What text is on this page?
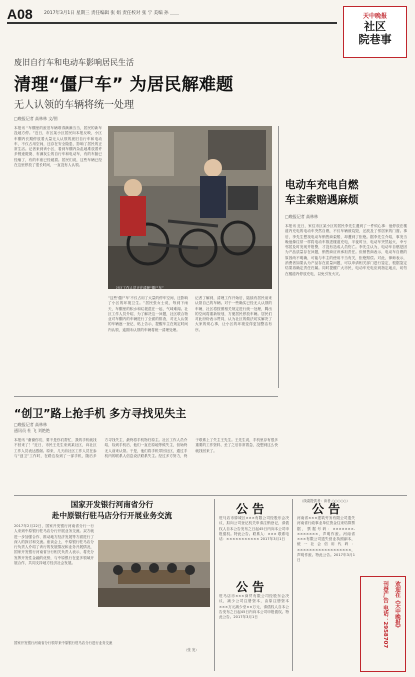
A08	2017年3月1日 星期三 责任编辑 张 娟 责任校对 张 宁 美编 孙 ＿＿	天中晚报
社区
院巷事
废旧自行车和电动车影响居民生活
清理“僵尸车” 为居民解难题
无人认领的车辆将统一处理
□晚报记者 高林林 文/图
本报讯 “车棚里的废旧车辆堆得满满当当，居民的新车没地方停。”近日，市区某小区居民向本报反映，小区车棚内长期停放着大量无人认领的废旧自行车和电动车，不仅占用空间，还存在安全隐患，影响了居民的正常生活。记者来到该小区，看到车棚内杂乱地堆放着许多锈迹斑斑、布满灰尘的自行车和电动车，有的车胎已经瘪了，有的车座已经破损。居民们说，这些车辆已经在这里停放了很长时间，一直没有人认领。
“这些‘僵尸车’不仅占用了大量的停车空间，还影响了小区的环境卫生。”居民张女士说，每到下雨天，车棚里的积水和垃圾混在一起，气味难闻。社区工作人员介绍，为了解决这一问题，社区联合物业对车棚内的车辆进行了全面的排查，对无人认领的车辆逐一登记、贴上告示，提醒车主在规定时间内认领，逾期未认领的车辆将统一清理处理。
记者了解到，清理工作开始后，陆续有居民前来认领自己的车辆。对于一些确实已经无人认领的车辆，社区将按照相关规定进行统一处理，腾出的空间将重新规划，方便居民停放车辆。居民们对此纷纷表示赞同，认为社区的做法切实解决了大家的烦心事，让小区的环境变得更加整洁有序。
社区工作人员正在清理“僵尸车”
电动车充电自燃
车主索赔遇麻烦
□晚报记者 高林林
本报讯 近日，家住市区某小区的居民李先生遇到了一件烦心事：他停放在楼道内充电的电动车突然自燃，不仅车辆被烧毁，还波及了邻居家的门窗。事后，李先生想找电动车销售商索赔，却遭到了拒绝。据李先生介绍，事发当晚他像往常一样将电动车推进楼道充电，半夜时分，电动车突然起火，幸亏邻居及时发现并报警，才没有造成人员伤亡。李先生认为，电动车自燃是因为产品质量存在问题，销售商应该承担责任。但销售商表示，电动车自燃的原因尚不明确，可能与车主的使用不当有关，拒绝赔偿。对此，律师表示，消费者如果认为产品存在质量问题，可以申请相关部门进行鉴定，根据鉴定结果再确定责任归属。同时提醒广大市民，电动车充电应到指定地点，切勿在楼道内停放充电，以免引发火灾。
（线索提供者：读者 ○○○○○）
“创卫”路上抢手机 多方寻找见失主
□晚报记者 高林林
通讯员 杜 飞 刘艳艳
本报讯 “谢谢你们，要不是你们帮忙，我的手机就找不回来了！”近日，市民王先生来到某社区，向社区工作人员表达感谢。原来，几天前社区工作人员在参与“创卫”工作时，在路边捡到了一部手机，随后多方寻找失主，最终将手机物归原主。社区工作人员介绍，捡到手机后，他们一直在原地等候失主，但始终无人前来认领。于是，他们将手机带回社区，通过手机内的联系人信息设法联系失主。经过多方努力，终于联系上了失主王先生。王先生说，手机里存有很多重要的工作资料，丢了之后非常着急，没想到这么快就找回来了。
国家开发银行河南省分行
赴中原银行驻马店分行开展业务交流
2017年2月22日，国家开发银行河南省分行一行人来到中原银行驻马店分行开展业务交流。双方就进一步加强合作、推动地方经济发展等方面进行了深入的探讨和交流。座谈会上，中原银行驻马店分行负责人介绍了该行的发展情况和业务开展情况，国家开发银行河南省分行相关负责人表示，将充分发挥开发性金融的优势，与中原银行在更多领域开展合作，共同支持地方经济社会发展。
国家开发银行河南省分行领导来中原银行驻马店分行进行业务交流
（张 发）
公 告
驻马店市驿城区×××有限公司经股东会决议，拟向公司登记机关申请注销登记，请债权人自本公告发布之日起45日内向本公司申报债权。特此公告。联系人：××× 联系电话：××××××××××× 2017年3月1日
公 告
驻马店市×××商贸有限公司经股东会决议，减少公司注册资本，由原注册资本×××万元减少至××万元，请债权人自本公告发布之日起45日内向本公司申报债权。特此公告。2017年3月1日
公 告
河南省×××建筑劳务有限公司遗失河南省行政事业单位资金往来结算票据，票据号码：×××××××-×××××××，声明作废。河南省×××有限公司遗失营业执照副本，统一社会信用代码：××××××××××××××××××，声明作废。特此公告。2017年3月1日
欢迎在《天中晚报》
刊登广告 电话：2958707
